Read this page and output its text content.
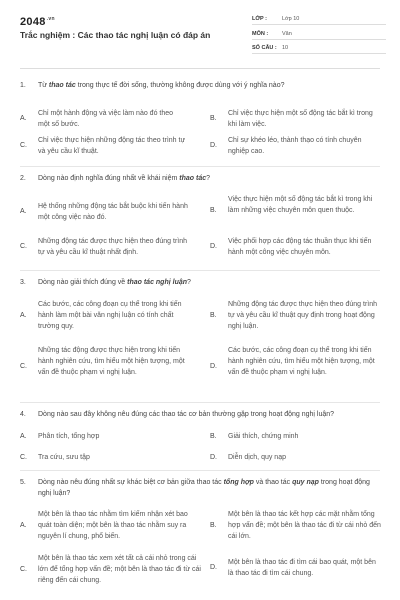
$2048^{.vn}$
Trắc nghiệm : Các thao tác nghị luận có đáp án
LỚP :	Lớp 10
MÔN :	Văn
SỐ CÂU : 10
1. Từ thao tác trong thực tế đời sống, thường không được dùng với ý nghĩa nào?
A.
Chỉ một hành động và việc làm nào đó theo một số bước.
B.
Chỉ việc thực hiện một số động tác bắt kì trong khi làm việc.
C.
Chỉ việc thực hiện những động tác theo trình tự và yêu cầu kĩ thuật.
D.
Chỉ sự khéo léo, thành thạo có tính chuyên nghiệp cao.
2. Dòng nào định nghĩa đúng nhất về khái niệm thao tác?
A.
Hệ thống những động tác bắt buộc khi tiến hành một công việc nào đó.
B.
Việc thực hiện một số động tác bắt kì trong khi làm những việc chuyên môn quen thuộc.
C.
Những động tác được thực hiện theo đúng trình tự và yêu cầu kĩ thuật nhất định.
D.
Việc phối hợp các động tác thuần thục khi tiến hành một công việc chuyên môn.
3. Dòng nào giải thích đúng về thao tác nghị luận?
A.
Các bước, các công đoạn cụ thể trong khi tiến hành làm một bài văn nghị luận có tính chất trường quy.
B.
Những động tác được thực hiện theo đúng trình tự và yêu cầu kĩ thuật quy định trong hoạt động nghị luận.
C.
Những tác động được thực hiện trong khi tiến hành nghiên cứu, tìm hiểu một hiện tượng, một vấn đề thuộc phạm vi nghị luận.
D.
Các bước, các công đoạn cụ thể trong khi tiến hành nghiên cứu, tìm hiểu một hiện tượng, một vấn đề thuộc phạm vi nghị luận.
4. Dòng nào sau đây không nêu đúng các thao tác cơ bản thường gặp trong hoạt động nghị luận?
A. Phân tích, tổng hợp	B. Giải thích, chứng minh
C. Tra cứu, sưu tập	D. Diễn dịch, quy nạp
5. Dòng nào nêu đúng nhất sự khác biệt cơ bản giữa thao tác tổng hợp và thao tác quy nạp trong hoạt động nghị luận?
A.
Một bên là thao tác nhằm tìm kiếm nhận xét bao quát toàn diện; một bên là thao tác nhằm suy ra nguyên lí chung, phổ biến.
B.
Một bên là thao tác kết hợp các mặt nhằm tổng hợp vấn đề; một bên là thao tác đi từ cái nhỏ đến cái lớn.
C.
Một bên là thao tác xem xét tất cả cái nhỏ trong cái lớn để tổng hợp vấn đề; một bên là thao tác đi từ cái riêng đến cái chung.
D.
Một bên là thao tác đi tìm cái bao quát, một bên là thao tác đi tìm cái chung.
